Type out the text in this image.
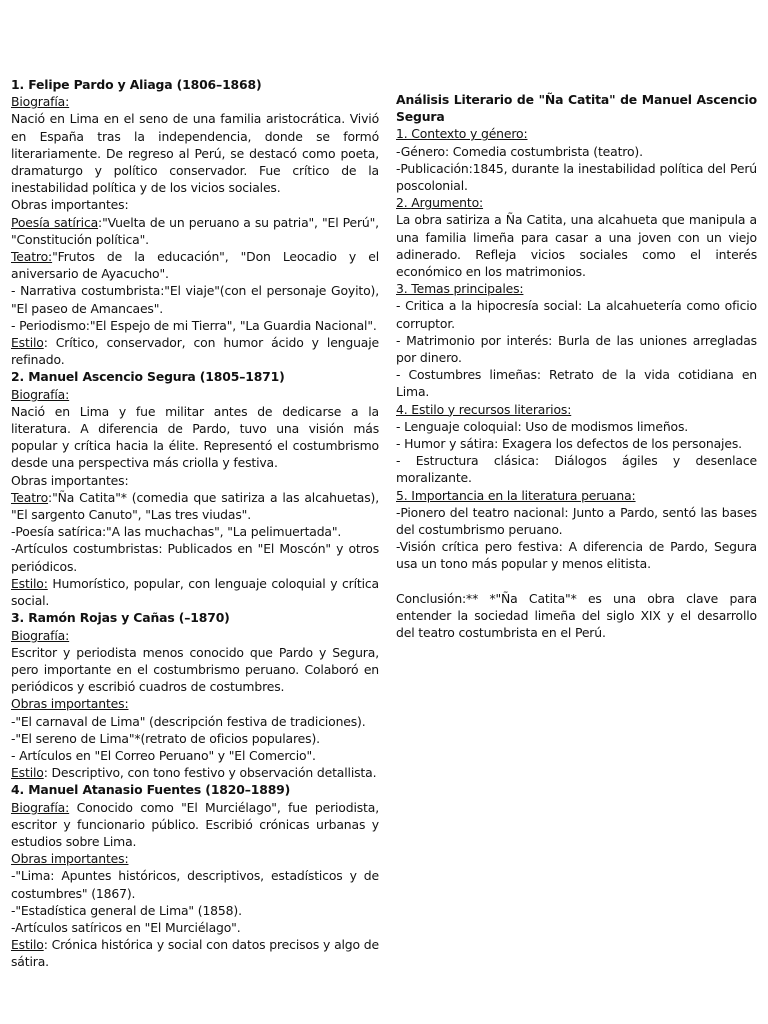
1. Felipe Pardo y Aliaga (1806–1868)

Biografía:

Nació en Lima en el seno de una familia aristocrática. Vivió en España tras la independencia, donde se formó literariamente. De regreso al Perú, se destacó como poeta, dramaturgo y político conservador. Fue crítico de la inestabilidad política y de los vicios sociales.

Obras importantes:

Poesía satírica:"Vuelta de un peruano a su patria", "El Perú", "Constitución política".

Teatro:"Frutos de la educación", "Don Leocadio y el aniversario de Ayacucho".

- Narrativa costumbrista:"El viaje"(con el personaje Goyito), "El paseo de Amancaes".

- Periodismo:"El Espejo de mi Tierra", "La Guardia Nacional".

Estilo: Crítico, conservador, con humor ácido y lenguaje refinado.

2. Manuel Ascencio Segura (1805–1871)

Biografía:

Nació en Lima y fue militar antes de dedicarse a la literatura. A diferencia de Pardo, tuvo una visión más popular y crítica hacia la élite. Representó el costumbrismo desde una perspectiva más criolla y festiva.

Obras importantes:

Teatro:"Ña Catita"* (comedia que satiriza a las alcahuetas), "El sargento Canuto", "Las tres viudas".

-Poesía satírica:"A las muchachas", "La pelimuertada".

-Artículos costumbristas: Publicados en "El Moscón" y otros periódicos.

Estilo: Humorístico, popular, con lenguaje coloquial y crítica social.

3. Ramón Rojas y Cañas (–1870)

Biografía:

Escritor y periodista menos conocido que Pardo y Segura, pero importante en el costumbrismo peruano. Colaboró en periódicos y escribió cuadros de costumbres.

Obras importantes:

-"El carnaval de Lima" (descripción festiva de tradiciones).

-"El sereno de Lima"*(retrato de oficios populares).

- Artículos en "El Correo Peruano" y "El Comercio".

Estilo: Descriptivo, con tono festivo y observación detallista.

4. Manuel Atanasio Fuentes (1820–1889)

Biografía: Conocido como "El Murciélago", fue periodista, escritor y funcionario público. Escribió crónicas urbanas y estudios sobre Lima.

Obras importantes:

-"Lima: Apuntes históricos, descriptivos, estadísticos y de costumbres" (1867).

-"Estadística general de Lima" (1858).

-Artículos satíricos en "El Murciélago".

Estilo: Crónica histórica y social con datos precisos y algo de sátira.

Análisis Literario de "Ña Catita" de Manuel Ascencio Segura

1. Contexto y género:

-Género: Comedia costumbrista (teatro).

-Publicación:1845, durante la inestabilidad política del Perú poscolonial.

2. Argumento:

La obra satiriza a Ña Catita, una alcahueta que manipula a una familia limeña para casar a una joven con un viejo adinerado. Refleja vicios sociales como el interés económico en los matrimonios.

3. Temas principales:

- Critica a la hipocresía social: La alcahuetería como oficio corruptor.

- Matrimonio por interés: Burla de las uniones arregladas por dinero.

- Costumbres limeñas: Retrato de la vida cotidiana en Lima.

4. Estilo y recursos literarios:

- Lenguaje coloquial: Uso de modismos limeños.

- Humor y sátira: Exagera los defectos de los personajes.

- Estructura clásica: Diálogos ágiles y desenlace moralizante.

5. Importancia en la literatura peruana:

-Pionero del teatro nacional: Junto a Pardo, sentó las bases del costumbrismo peruano.

-Visión crítica pero festiva: A diferencia de Pardo, Segura usa un tono más popular y menos elitista.

Conclusión:** *"Ña Catita"* es una obra clave para entender la sociedad limeña del siglo XIX y el desarrollo del teatro costumbrista en el Perú.
